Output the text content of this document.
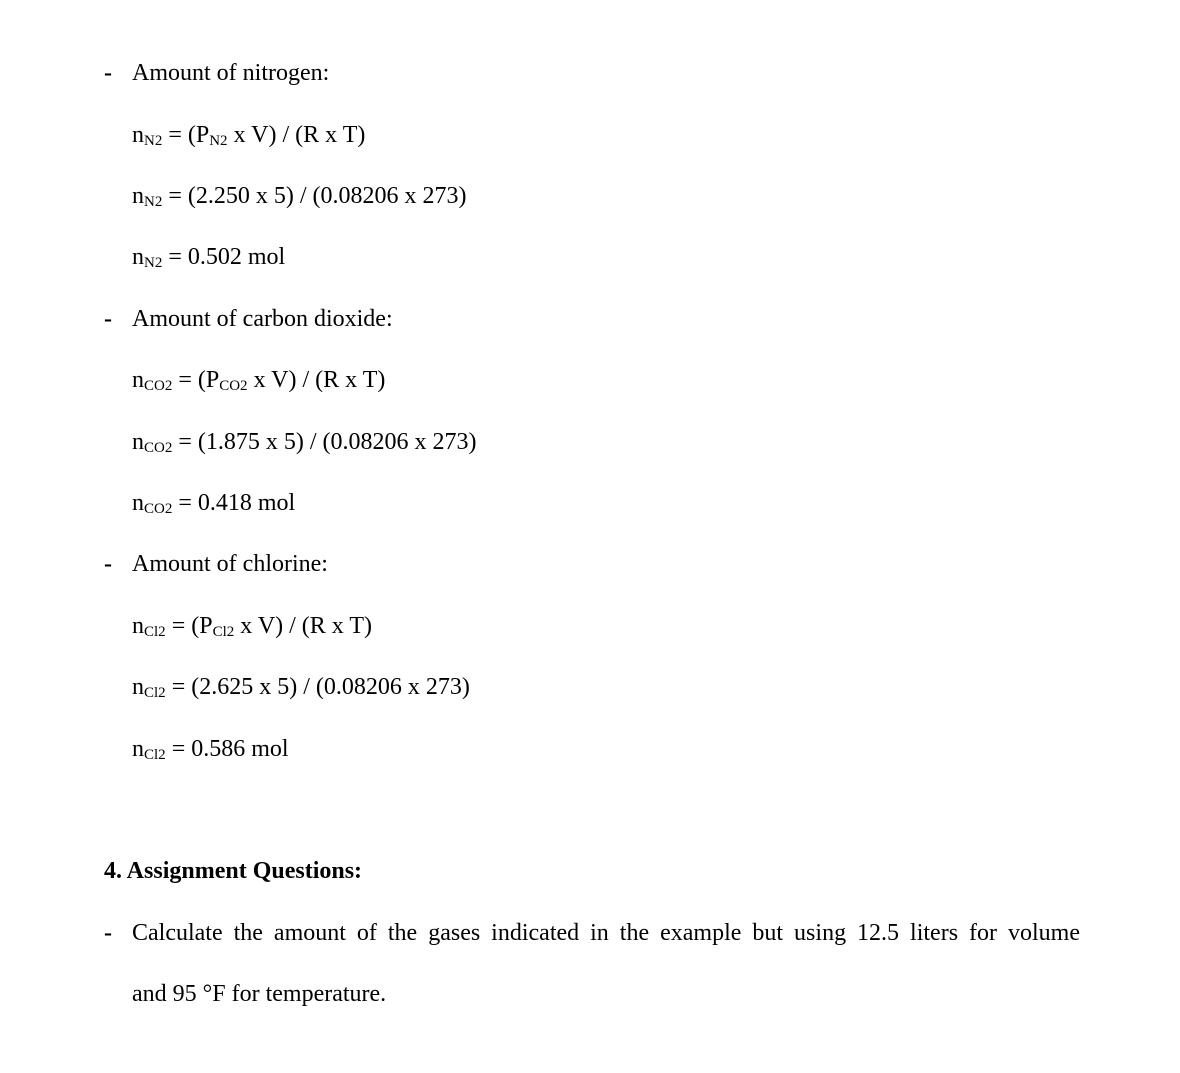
- Amount of nitrogen:
nN2 = (PN2 x V) / (R x T)
nN2 = (2.250 x 5) / (0.08206 x 273)
nN2 = 0.502 mol
- Amount of carbon dioxide:
nCO2 = (PCO2 x V) / (R x T)
nCO2 = (1.875 x 5) / (0.08206 x 273)
nCO2 = 0.418 mol
- Amount of chlorine:
nCl2 = (PCl2 x V) / (R x T)
nCl2 = (2.625 x 5) / (0.08206 x 273)
nCl2 = 0.586 mol
4. Assignment Questions:
- Calculate the amount of the gases indicated in the example but using 12.5 liters for volume
and 95 °F for temperature.
